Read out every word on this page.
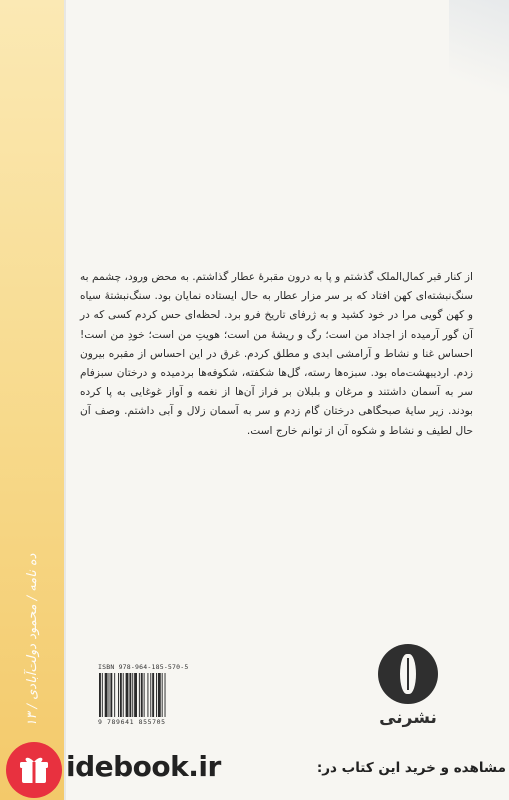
ده نامه / محمود دولت‌آبادی / ۱۳
از کنار قبر کمال‌الملک گذشتم و پا به درون مقبرهٔ عطار گذاشتم. به محض ورود، چشمم به سنگ‌نبشته‌ای کهن افتاد که بر سر مزار عطار به حال ایستاده نمایان بود. سنگ‌نبشتهٔ سیاه و کهن گویی مرا در خود کشید و به ژرفای تاریخ فرو برد. لحظه‌ای حس کردم کسی که در آن گور آرمیده از اجداد من است؛ رگ و ریشهٔ من است؛ هویتِ من است؛ خودِ من است! احساس غنا و نشاط و آرامشی ابدی و مطلق کردم. غرق در این احساس از مقبره بیرون زدم. اردیبهشت‌ماه بود. سبزه‌ها رسته، گل‌ها شکفته، شکوفه‌ها بردمیده و درختان سبزفام سر به آسمان داشتند و مرغان و بلبلان بر فراز آن‌ها از نغمه و آواز غوغایی به پا کرده بودند. زیر سایهٔ صبحگاهی درختان گام زدم و سر به آسمان زلال و آبی داشتم. وصف آن حال لطیف و نشاط و شکوه آن از توانم خارج است.
ISBN 978-964-185-570-5
9 789641 855705	نشرنی
idebook.ir	مشاهده و خرید این کتاب در:
